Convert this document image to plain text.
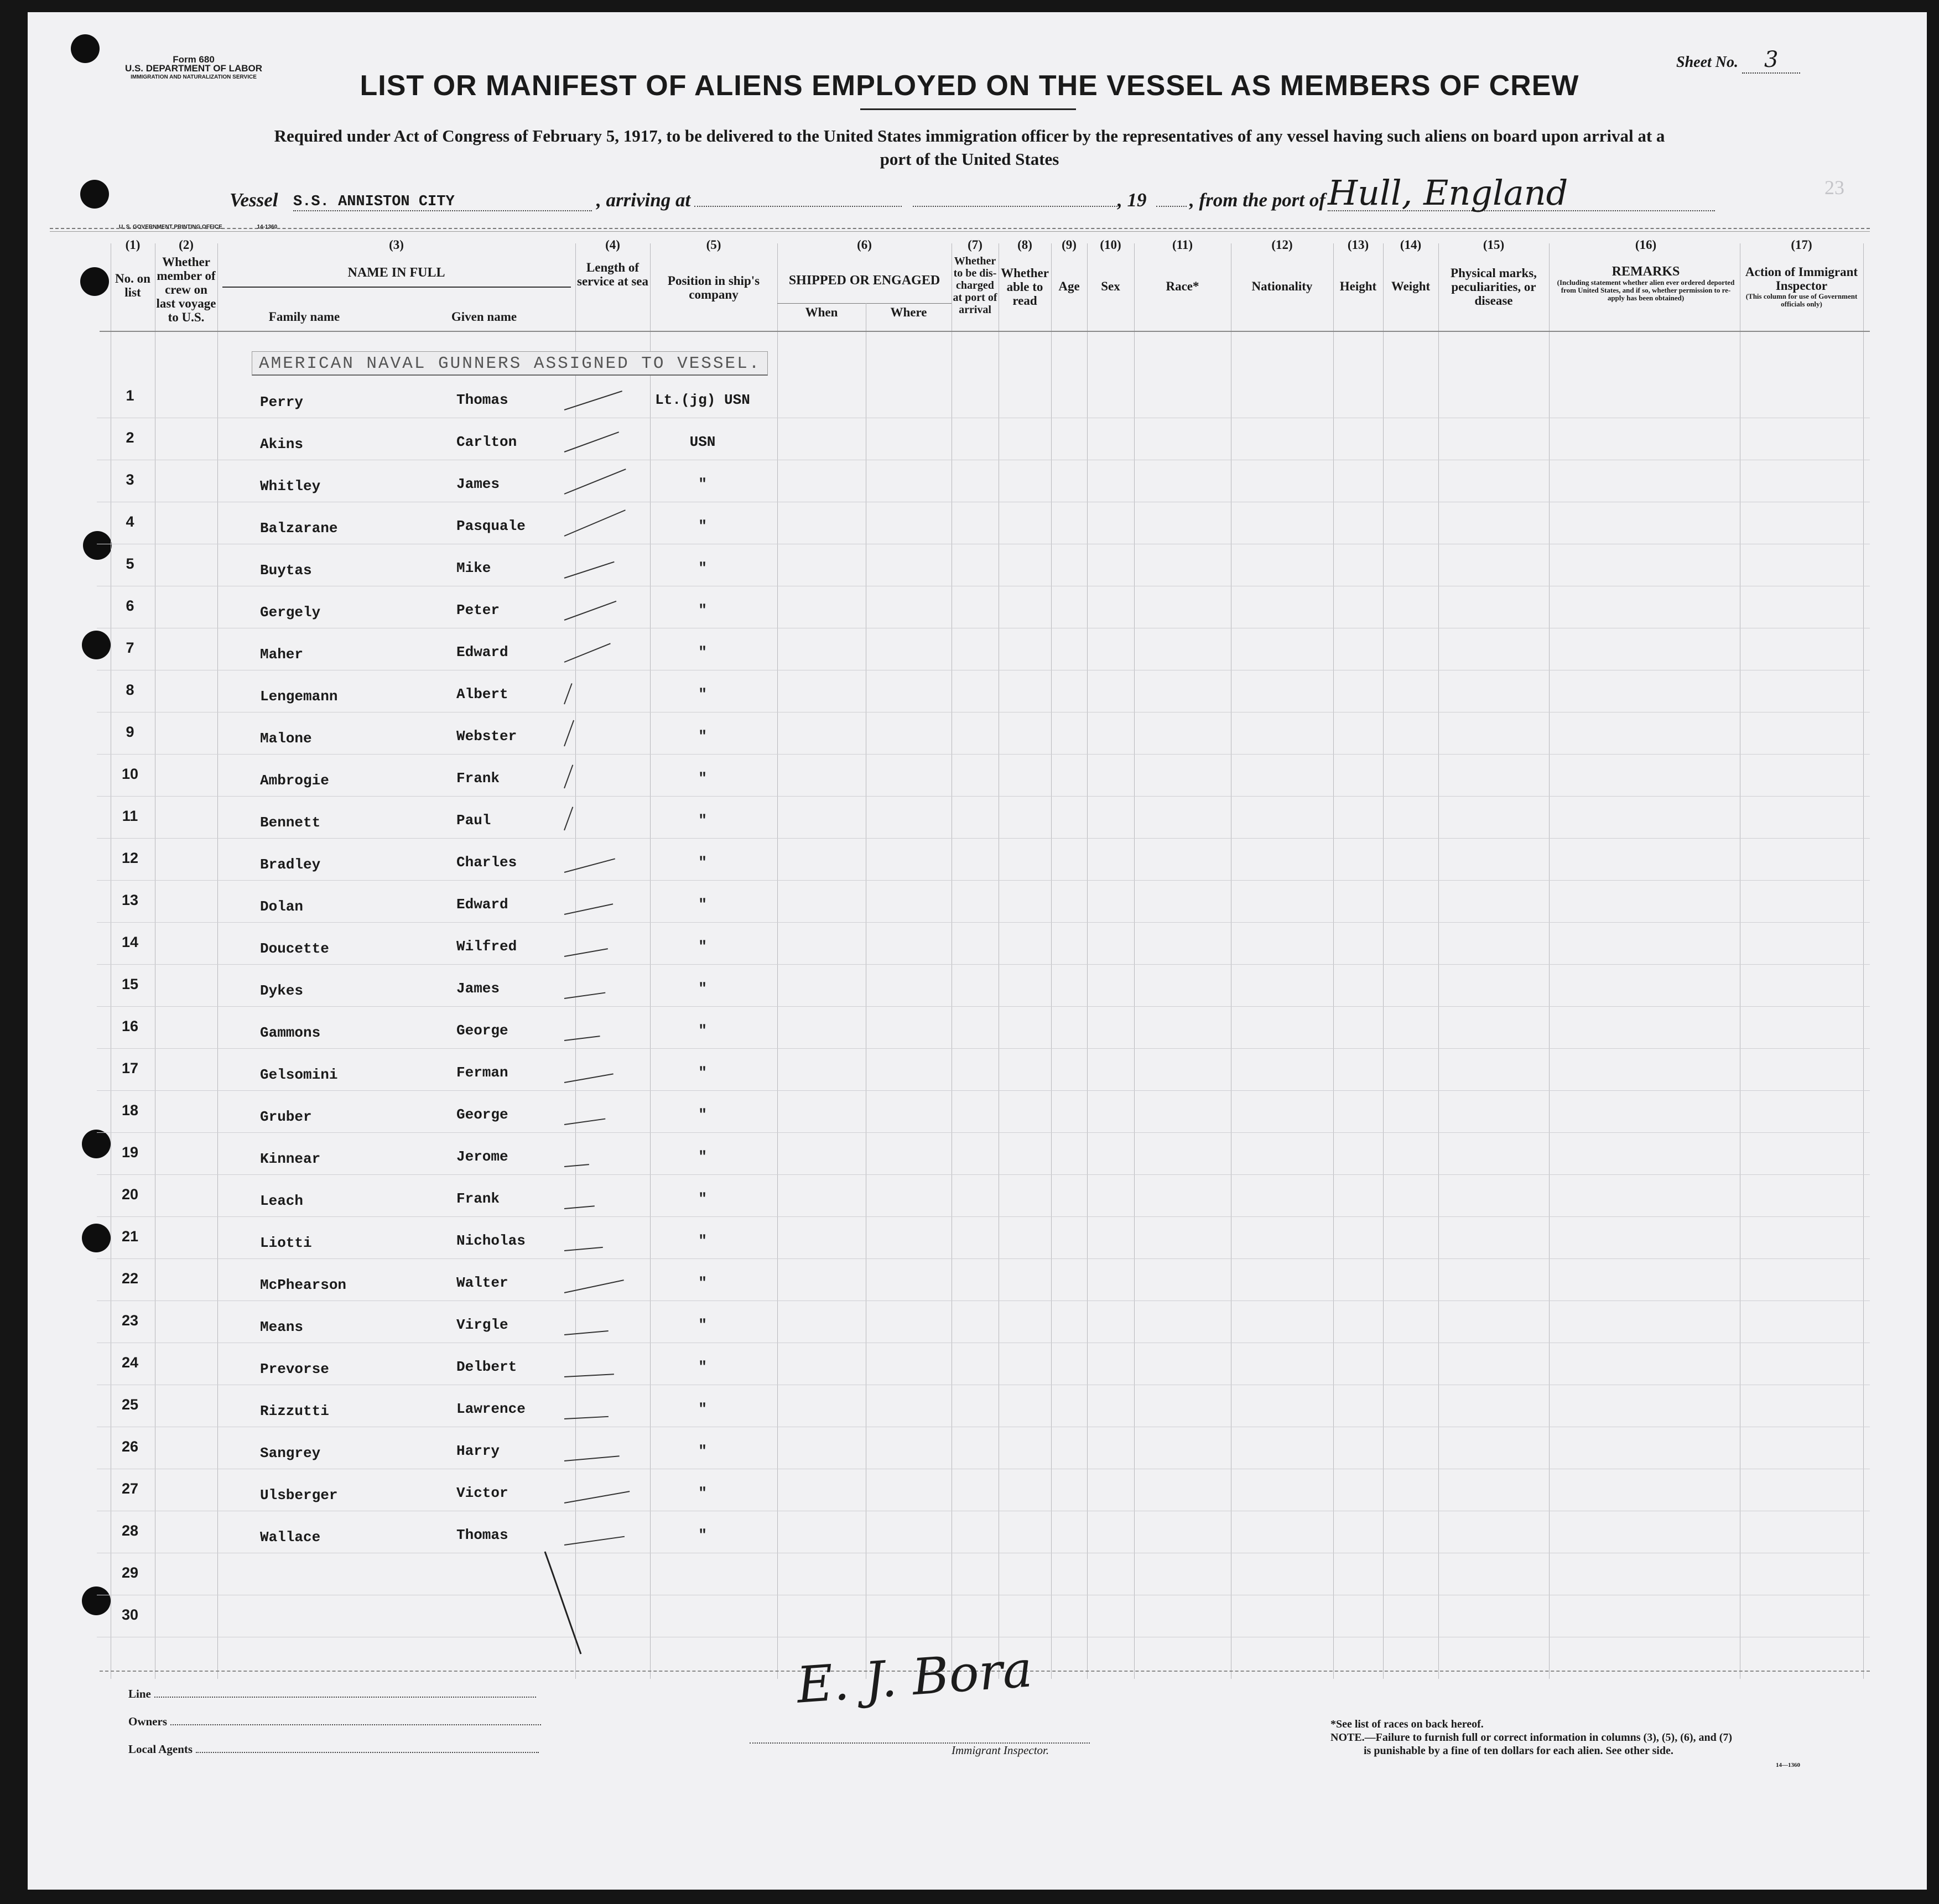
Form 680
U.S. DEPARTMENT OF LABOR
IMMIGRATION AND NATURALIZATION SERVICE
Sheet No. 3
LIST OR MANIFEST OF ALIENS EMPLOYED ON THE VESSEL AS MEMBERS OF CREW
Required under Act of Congress of February 5, 1917, to be delivered to the United States immigration officer by the representatives of any vessel having such aliens on board upon arrival at a
port of the United States
Vessel S.S. ANNISTON CITY	, arriving at	, 19 , from the port of Hull, England	23
U. S. GOVERNMENT PRINTING OFFICE	14-1360
(1)
No. on list
(2)
Whether member of crew on last voyage to U.S.
(3)
NAME IN FULL
Family name	Given name
(4)
Length of service at sea
(5)
Position in ship's company
(6)
SHIPPED OR ENGAGED
When	Where
(7)
Whether to be dis-charged at port of arrival
(8)
Whether able to read
(9)
Age
(10)
Sex
(11)
Race*
(12)
Nationality
(13)
Height
(14)
Weight
(15)
Physical marks, peculiarities, or disease
(16)
REMARKS
(Including statement whether alien ever ordered deported from United States, and if so, whether permission to re-apply has been obtained)
(17)
Action of Immigrant Inspector
(This column for use of Government officials only)
AMERICAN NAVAL GUNNERS ASSIGNED TO VESSEL.
1	Perry	Thomas	Lt.(jg) USN
2	Akins	Carlton	USN
3	Whitley	James	"
4	Balzarane	Pasquale	"
5	Buytas	Mike	"
6	Gergely	Peter	"
7	Maher	Edward	"
8	Lengemann	Albert	"
9	Malone	Webster	"
10	Ambrogie	Frank	"
11	Bennett	Paul	"
12	Bradley	Charles	"
13	Dolan	Edward	"
14	Doucette	Wilfred	"
15	Dykes	James	"
16	Gammons	George	"
17	Gelsomini	Ferman	"
18	Gruber	George	"
19	Kinnear	Jerome	"
20	Leach	Frank	"
21	Liotti	Nicholas	"
22	McPhearson	Walter	"
23	Means	Virgle	"
24	Prevorse	Delbert	"
25	Rizzutti	Lawrence	"
26	Sangrey	Harry	"
27	Ulsberger	Victor	"
28	Wallace	Thomas	"
29
30
Line
Owners
Local Agents
E. J. Bora
Immigrant Inspector.
*See list of races on back hereof.
NOTE.—Failure to furnish full or correct information in columns (3), (5), (6), and (7)
is punishable by a fine of ten dollars for each alien. See other side.
14—1360
